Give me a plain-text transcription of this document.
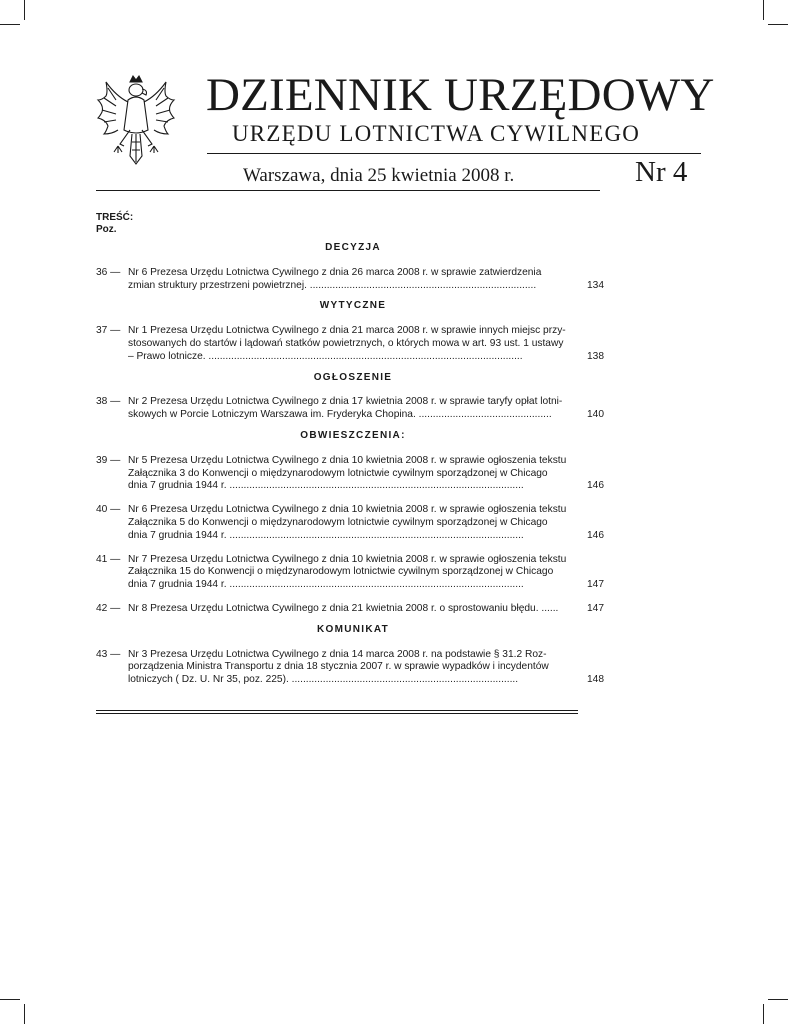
DZIENNIK URZĘDOWY
URZĘDU LOTNICTWA CYWILNEGO
Warszawa, dnia 25 kwietnia 2008 r.	Nr 4
TREŚĆ:
Poz.
DECYZJA
36 — Nr 6 Prezesa Urzędu Lotnictwa Cywilnego z dnia 26 marca 2008 r. w sprawie zatwierdzenia
zmian struktury przestrzeni powietrznej. ................................................................................	134
WYTYCZNE
37 — Nr 1 Prezesa Urzędu Lotnictwa Cywilnego z dnia 21 marca 2008 r. w sprawie innych miejsc przy-
stosowanych do startów i lądowań statków powietrznych, o których mowa w art. 93 ust. 1 ustawy
– Prawo lotnicze. ...............................................................................................................	138
OGŁOSZENIE
38 — Nr 2 Prezesa Urzędu Lotnictwa Cywilnego z dnia 17 kwietnia 2008 r. w sprawie taryfy opłat lotni-
skowych w Porcie Lotniczym Warszawa im. Fryderyka Chopina. ...............................................	140
OBWIESZCZENIA:
39 — Nr 5 Prezesa Urzędu Lotnictwa Cywilnego z dnia 10 kwietnia 2008 r. w sprawie ogłoszenia tekstu
Załącznika 3 do Konwencji o międzynarodowym lotnictwie cywilnym sporządzonej w Chicago
dnia 7 grudnia 1944 r. ........................................................................................................	146
40 — Nr 6 Prezesa Urzędu Lotnictwa Cywilnego z dnia 10 kwietnia 2008 r. w sprawie ogłoszenia tekstu
Załącznika 5 do Konwencji o międzynarodowym lotnictwie cywilnym sporządzonej w Chicago
dnia 7 grudnia 1944 r. ........................................................................................................	146
41 — Nr 7 Prezesa Urzędu Lotnictwa Cywilnego z dnia 10 kwietnia 2008 r. w sprawie ogłoszenia tekstu
Załącznika 15 do Konwencji o międzynarodowym lotnictwie cywilnym sporządzonej w Chicago
dnia 7 grudnia 1944 r. ........................................................................................................	147
42 — Nr 8 Prezesa Urzędu Lotnictwa Cywilnego z dnia 21 kwietnia 2008 r. o sprostowaniu błędu. ......	147
KOMUNIKAT
43 — Nr 3 Prezesa Urzędu Lotnictwa Cywilnego z dnia 14 marca 2008 r. na podstawie § 31.2 Roz-
porządzenia Ministra Transportu z dnia 18 stycznia 2007 r. w sprawie wypadków i incydentów
lotniczych ( Dz. U. Nr 35, poz. 225). ................................................................................	148
